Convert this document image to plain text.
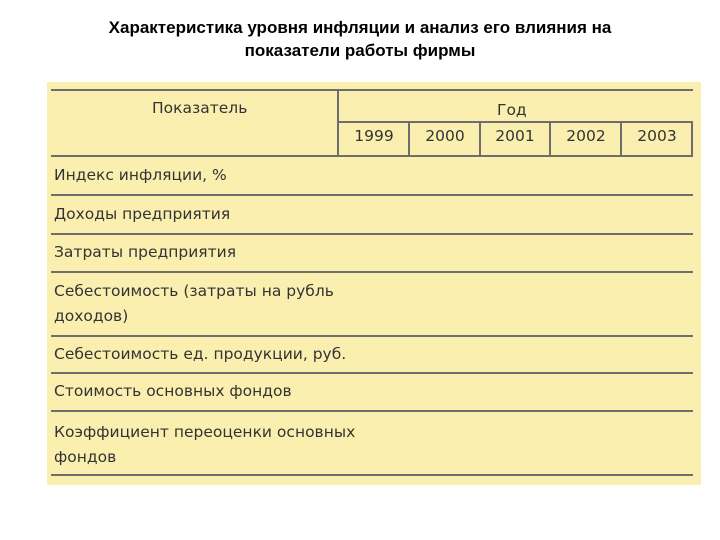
Характеристика уровня инфляции и анализ его влияния на
показатели работы фирмы
Показатель	Год
1999	2000	2001	2002	2003
Индекс инфляции, %
Доходы предприятия
Затраты предприятия
Себестоимость (затраты на рубль
доходов)
Себестоимость ед. продукции, руб.
Стоимость основных фондов
Коэффициент переоценки основных
фондов
